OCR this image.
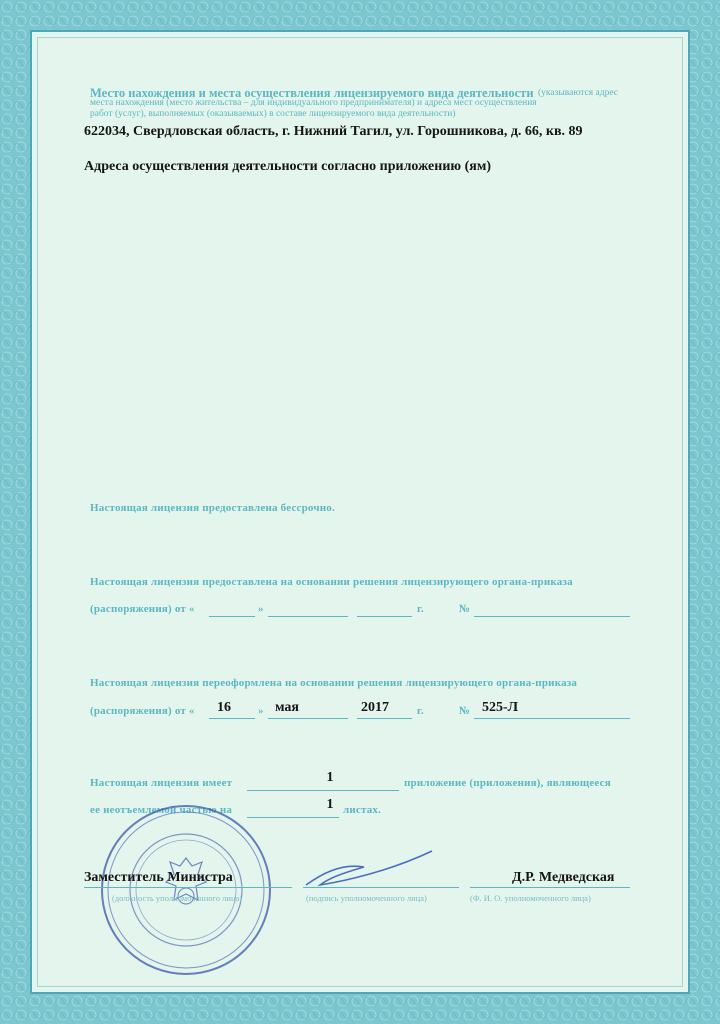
Место нахождения и места осуществления лицензируемого вида деятельности (указываются адрес
места нахождения (место жительства – для индивидуального предпринимателя) и адреса мест осуществления
работ (услуг), выполняемых (оказываемых) в составе лицензируемого вида деятельности)
622034, Свердловская область, г. Нижний Тагил, ул. Горошникова, д. 66, кв. 89
Адреса осуществления деятельности согласно приложению (ям)
Настоящая лицензия предоставлена бессрочно.
Настоящая лицензия предоставлена на основании решения лицензирующего органа-приказа
(распоряжения) от «	»	г.	№
Настоящая лицензия переоформлена на основании решения лицензирующего органа-приказа
(распоряжения) от «	16	» мая	2017	г.	№ 525-Л
Настоящая лицензия имеет	1	приложение (приложения), являющееся
ее неотъемлемой частью на	1 листах.
Заместитель Министра	Д.Р. Медведская
(должность уполномоченного лица)	(подпись уполномоченного лица)	(Ф. И. О. уполномоченного лица)
